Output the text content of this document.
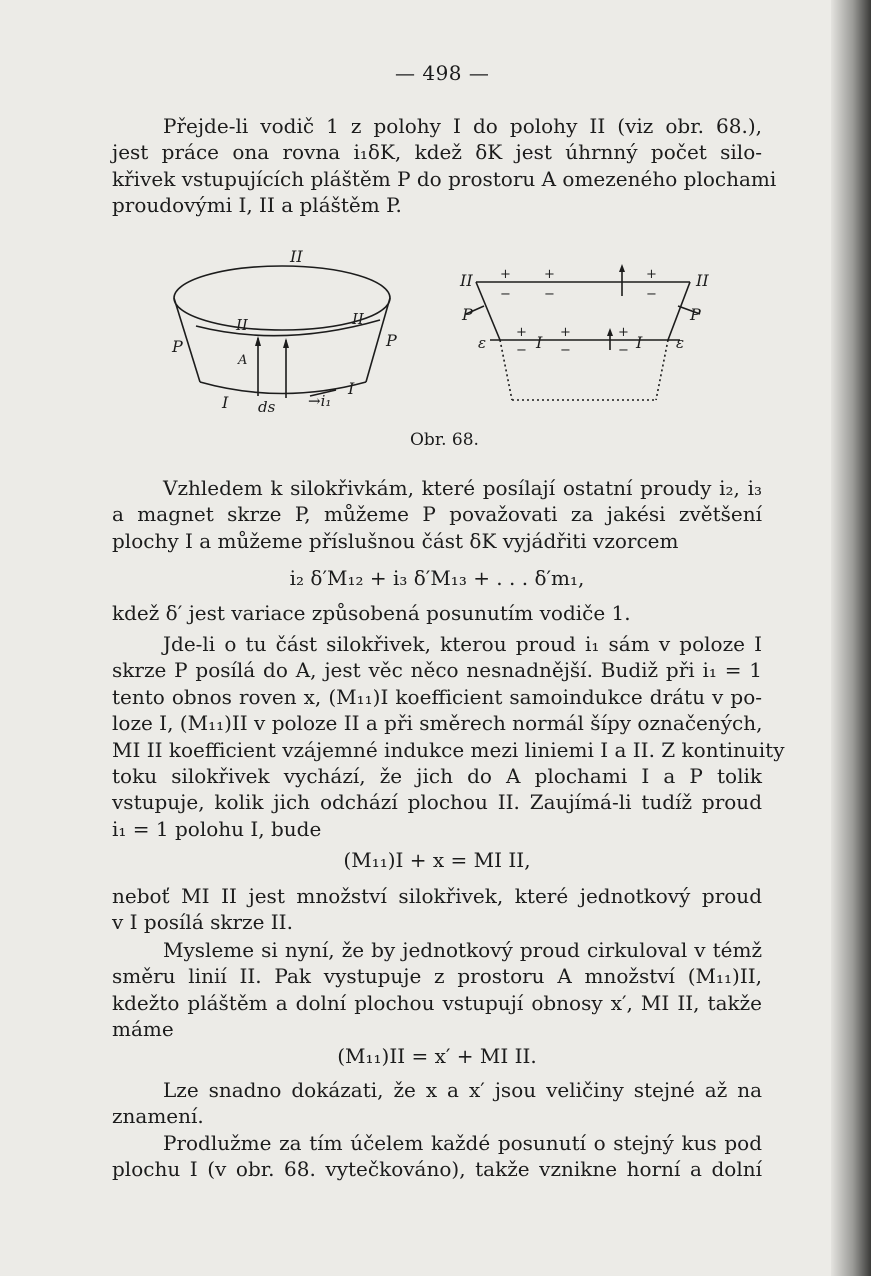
— 498 —

Přejde-li vodič 1 z polohy I do polohy II (viz obr. 68.),
jest práce ona rovna i₁δK, kdež δK jest úhrnný počet silo-
křivek vstupujících pláštěm P do prostoru A omezeného plochami
proudovými I, II a pláštěm P.

II
II	II
P	P
A
I ds →i₁
I
II	II
P	P
ε	ε
I	I
+	+	+
−	−	−
+	+	+
−	−	−
Obr. 68.

Vzhledem k silokřivkám, které posílají ostatní proudy i₂, i₃
a magnet skrze P, můžeme P považovati za jakési zvětšení
plochy I a můžeme příslušnou část δK vyjádřiti vzorcem

i₂ δ′M₁₂ + i₃ δ′M₁₃ + . . . δ′m₁,

kdež δ′ jest variace způsobená posunutím vodiče 1.

Jde-li o tu část silokřivek, kterou proud i₁ sám v poloze I
skrze P posílá do A, jest věc něco nesnadnější. Budiž při i₁ = 1
tento obnos roven x, (M₁₁)I koefficient samoindukce drátu v po-
loze I, (M₁₁)II v poloze II a při směrech normál šípy označených,
MI II koefficient vzájemné indukce mezi liniemi I a II. Z kontinuity
toku silokřivek vychází, že jich do A plochami I a P tolik
vstupuje, kolik jich odchází plochou II. Zaujímá-li tudíž proud
i₁ = 1 polohu I, bude

(M₁₁)I + x = MI II,

neboť MI II jest množství silokřivek, které jednotkový proud
v I posílá skrze II.

Mysleme si nyní, že by jednotkový proud cirkuloval v témž
směru linií II. Pak vystupuje z prostoru A množství (M₁₁)II,
kdežto pláštěm a dolní plochou vstupují obnosy x′, MI II, takže
máme

(M₁₁)II = x′ + MI II.

Lze snadno dokázati, že x a x′ jsou veličiny stejné až na
znamení.

Prodlužme za tím účelem každé posunutí o stejný kus pod
plochu I (v obr. 68. vytečkováno), takže vznikne horní a dolní
